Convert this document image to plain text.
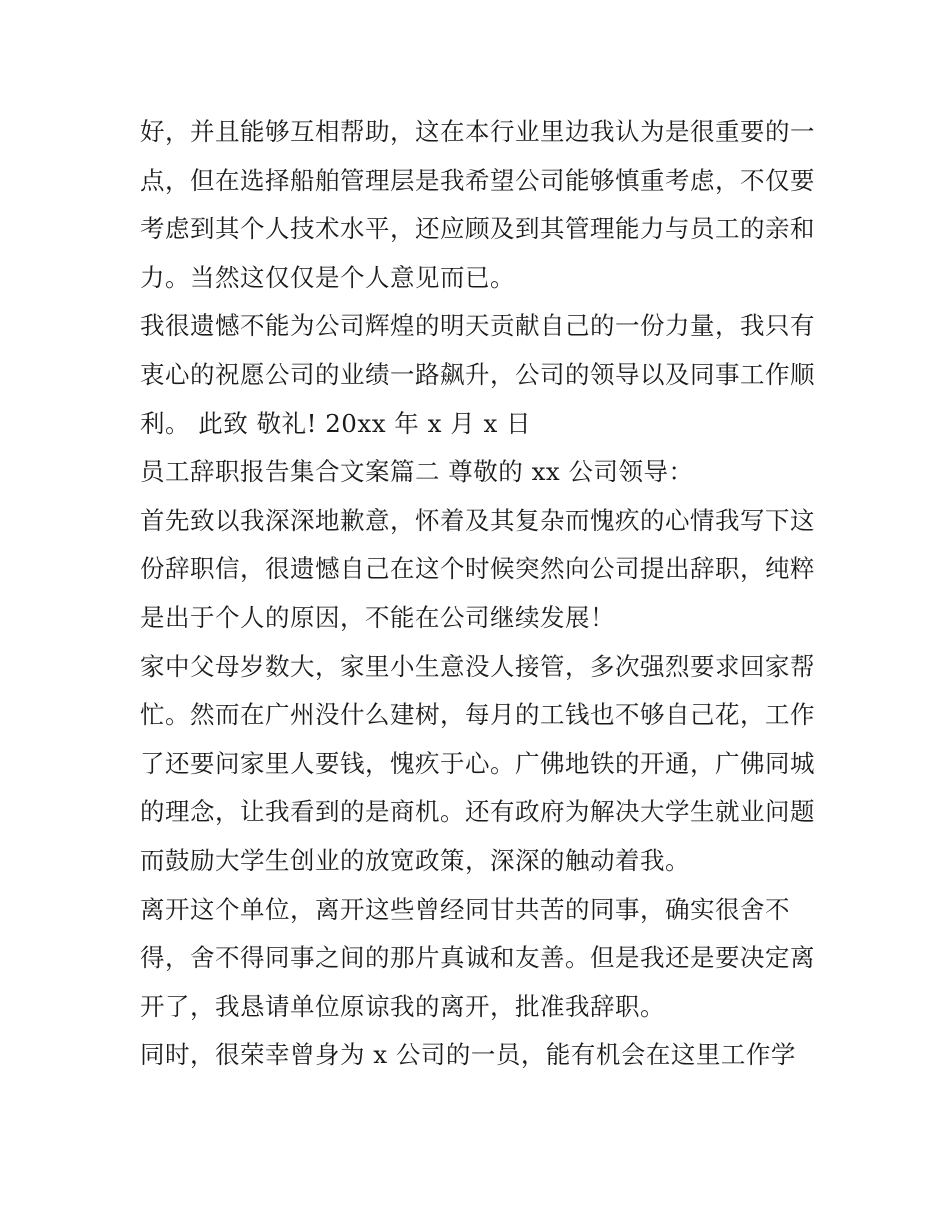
好，并且能够互相帮助，这在本行业里边我认为是很重要的一
点，但在选择船舶管理层是我希望公司能够慎重考虑，不仅要
考虑到其个人技术水平，还应顾及到其管理能力与员工的亲和
力。当然这仅仅是个人意见而已。
我很遗憾不能为公司辉煌的明天贡献自己的一份力量，我只有
衷心的祝愿公司的业绩一路飙升，公司的领导以及同事工作顺
利。 此致 敬礼! 20xx 年 x 月 x 日
员工辞职报告集合文案篇二 尊敬的 xx 公司领导：
首先致以我深深地歉意，怀着及其复杂而愧疚的心情我写下这
份辞职信，很遗憾自己在这个时候突然向公司提出辞职，纯粹
是出于个人的原因，不能在公司继续发展！
家中父母岁数大，家里小生意没人接管，多次强烈要求回家帮
忙。然而在广州没什么建树，每月的工钱也不够自己花，工作
了还要问家里人要钱，愧疚于心。广佛地铁的开通，广佛同城
的理念，让我看到的是商机。还有政府为解决大学生就业问题
而鼓励大学生创业的放宽政策，深深的触动着我。
离开这个单位，离开这些曾经同甘共苦的同事，确实很舍不
得，舍不得同事之间的那片真诚和友善。但是我还是要决定离
开了，我恳请单位原谅我的离开，批准我辞职。
同时，很荣幸曾身为 x 公司的一员，能有机会在这里工作学
